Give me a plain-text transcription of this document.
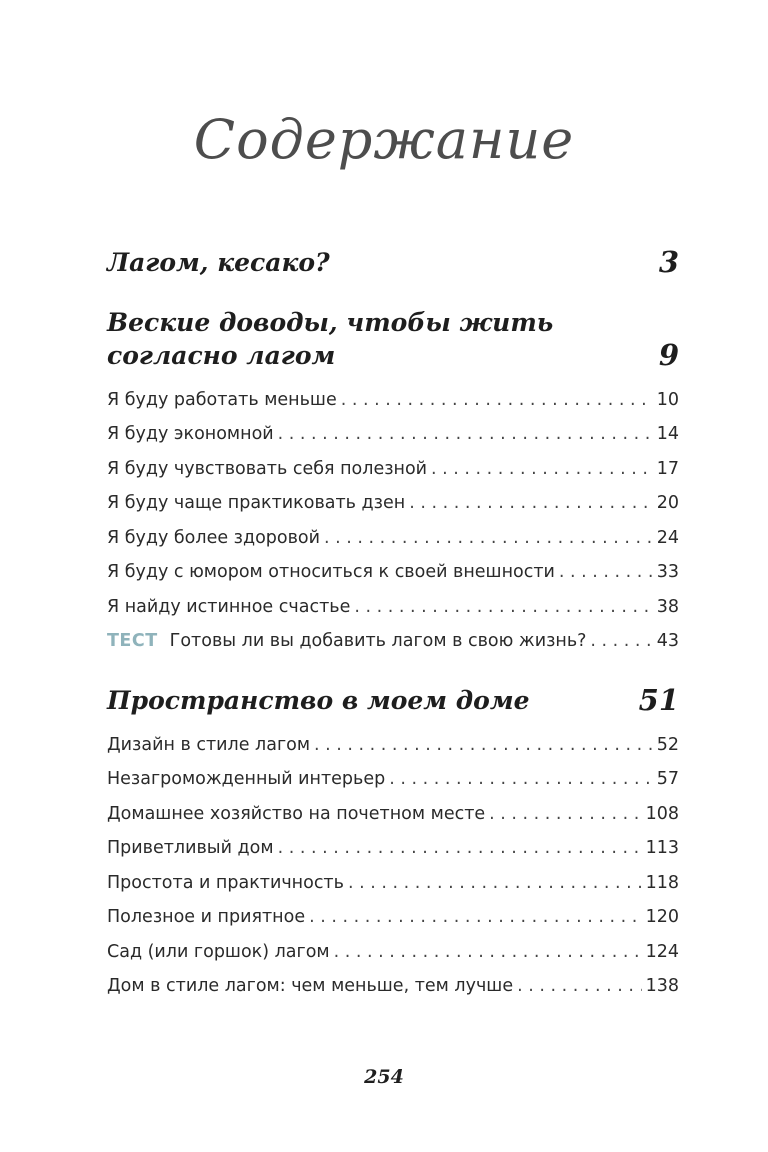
Содержание
Лагом, кесако?	3
Веские доводы, чтобы жить согласно лагом	9
Я буду работать меньше . . .	10
Я буду экономной . . .	14
Я буду чувствовать себя полезной . . .	17
Я буду чаще практиковать дзен . . .	20
Я буду более здоровой . . .	24
Я буду с юмором относиться к своей внешности . . .	33
Я найду истинное счастье . . .	38
ТЕСТ Готовы ли вы добавить лагом в свою жизнь? . . .	43
Пространство в моем доме	51
Дизайн в стиле лагом . . .	52
Незагроможденный интерьер . . .	57
Домашнее хозяйство на почетном месте . . .	108
Приветливый дом . . .	113
Простота и практичность . . .	118
Полезное и приятное . . .	120
Сад (или горшок) лагом . . .	124
Дом в стиле лагом: чем меньше, тем лучше . . .	138
254
